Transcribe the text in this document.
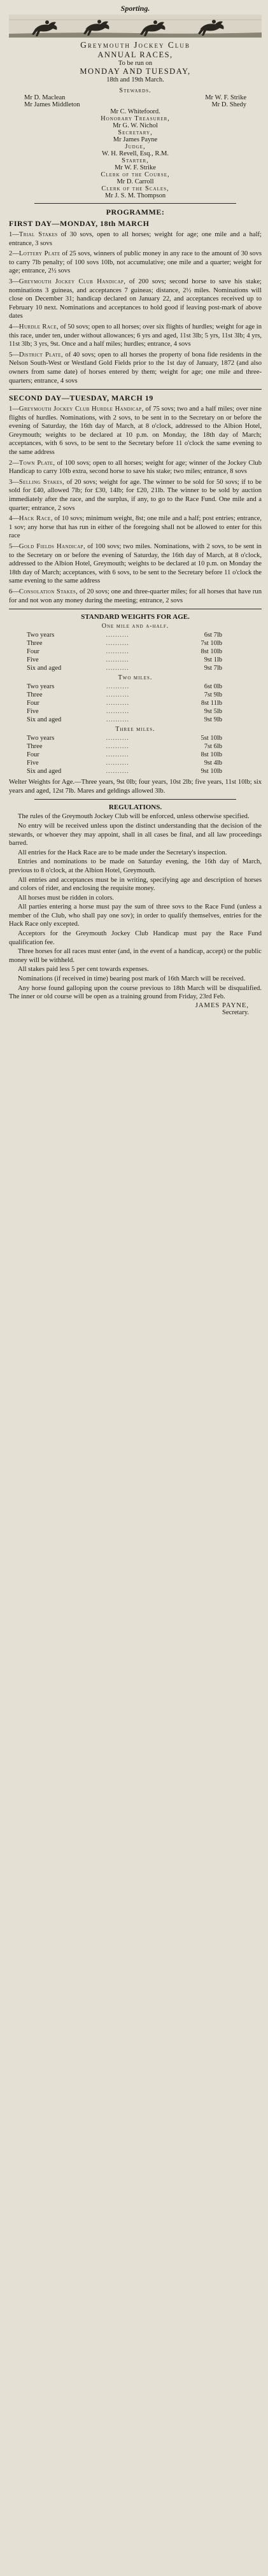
Sporting.
Greymouth Jockey Club
ANNUAL RACES,
To be run on
MONDAY AND TUESDAY,
18th and 19th March.
Stewards.
Mr D. Maclean	Mr W. F. Strike
Mr James Middleton	Mr D. Shedy
Mr C. Whitefoord.
Honorary Treasurer,
Mr G. W. Nichol
Secretary,
Mr James Payne
Judge,
W. H. Revell, Esq., R.M.
Starter,
Mr W. F. Strike
Clerk of the Course,
Mr D. Carroll
Clerk of the Scales,
Mr J. S. M. Thompson
PROGRAMME:
FIRST DAY—MONDAY, 18th MARCH
1—Trial Stakes of 30 sovs, open to all horses; weight for age; one mile and a half; entrance, 3 sovs
2—Lottery Plate of 25 sovs, winners of public money in any race to the amount of 30 sovs to carry 7lb penalty; of 100 sovs 10lb, not accumulative; one mile and a quarter; weight for age; entrance, 2½ sovs
3—Greymouth Jockey Club Handicap, of 200 sovs; second horse to save his stake; nominations 3 guineas, and acceptances 7 guineas; distance, 2½ miles. Nominations will close on December 31; handicap declared on January 22, and acceptances received up to February 10 next. Nominations and acceptances to hold good if leaving post-mark of above dates
4—Hurdle Race, of 50 sovs; open to all horses; over six flights of hurdles; weight for age in this race, under ten, under without allowances; 6 yrs and aged, 11st 3lb; 5 yrs, 11st 3lb; 4 yrs, 11st 3lb; 3 yrs, 9st. Once and a half miles; hurdles; entrance, 4 sovs
5—District Plate, of 40 sovs; open to all horses the property of bona fide residents in the Nelson South-West or Westland Gold Fields prior to the 1st day of January, 1872 (and also owners from same date) of horses entered by them; weight for age; one mile and three-quarters; entrance, 4 sovs
SECOND DAY—TUESDAY, MARCH 19
1—Greymouth Jockey Club Hurdle Handicap, of 75 sovs; two and a half miles; over nine flights of hurdles. Nominations, with 2 sovs, to be sent in to the Secretary on or before the evening of Saturday, the 16th day of March, at 8 o'clock, addressed to the Albion Hotel, Greymouth; weights to be declared at 10 p.m. on Monday, the 18th day of March; acceptances, with 6 sovs, to be sent to the Secretary before 11 o'clock the same evening to the same address
2—Town Plate, of 100 sovs; open to all horses; weight for age; winner of the Jockey Club Handicap to carry 10lb extra, second horse to save his stake; two miles; entrance, 8 sovs
3—Selling Stakes, of 20 sovs; weight for age. The winner to be sold for 50 sovs; if to be sold for £40, allowed 7lb; for £30, 14lb; for £20, 21lb. The winner to be sold by auction immediately after the race, and the surplus, if any, to go to the Race Fund. One mile and a quarter; entrance, 2 sovs
4—Hack Race, of 10 sovs; minimum weight, 8st; one mile and a half; post entries; entrance, 1 sov; any horse that has run in either of the foregoing shall not be allowed to enter for this race
5—Gold Fields Handicap, of 100 sovs; two miles. Nominations, with 2 sovs, to be sent in to the Secretary on or before the evening of Saturday, the 16th day of March, at 8 o'clock, addressed to the Albion Hotel, Greymouth; weights to be declared at 10 p.m. on Monday the 18th day of March; acceptances, with 6 sovs, to be sent to the Secretary before 11 o'clock the same evening to the same address
6—Consolation Stakes, of 20 sovs; one and three-quarter miles; for all horses that have run for and not won any money during the meeting; entrance, 2 sovs
STANDARD WEIGHTS FOR AGE.
One mile and a-half.
Two years	..........	6st 7lb
Three	..........	7st 10lb
Four	..........	8st 10lb
Five	..........	9st 1lb
Six and aged	..........	9st 7lb
Two miles.
Two years	..........	6st 0lb
Three	..........	7st 9lb
Four	..........	8st 11lb
Five	..........	9st 5lb
Six and aged	..........	9st 9lb
Three miles.
Two years	..........	5st 10lb
Three	..........	7st 6lb
Four	..........	8st 10lb
Five	..........	9st 4lb
Six and aged	..........	9st 10lb
Welter Weights for Age.—Three years, 9st 0lb; four years, 10st 2lb; five years, 11st 10lb; six years and aged, 12st 7lb. Mares and geldings allowed 3lb.
REGULATIONS.
The rules of the Greymouth Jockey Club will be enforced, unless otherwise specified.
No entry will be received unless upon the distinct understanding that the decision of the stewards, or whoever they may appoint, shall in all cases be final, and all law proceedings barred.
All entries for the Hack Race are to be made under the Secretary's inspection.
Entries and nominations to be made on Saturday evening, the 16th day of March, previous to 8 o'clock, at the Albion Hotel, Greymouth.
All entries and acceptances must be in writing, specifying age and description of horses and colors of rider, and enclosing the requisite money.
All horses must be ridden in colors.
All parties entering a horse must pay the sum of three sovs to the Race Fund (unless a member of the Club, who shall pay one sov); in order to qualify themselves, entries for the Hack Race only excepted.
Acceptors for the Greymouth Jockey Club Handicap must pay the Race Fund qualification fee.
Three horses for all races must enter (and, in the event of a handicap, accept) or the public money will be withheld.
All stakes paid less 5 per cent towards expenses.
Nominations (if received in time) bearing post mark of 16th March will be received.
Any horse found galloping upon the course previous to 18th March will be disqualified. The inner or old course will be open as a training ground from Friday, 23rd Feb.
JAMES PAYNE,
Secretary.
